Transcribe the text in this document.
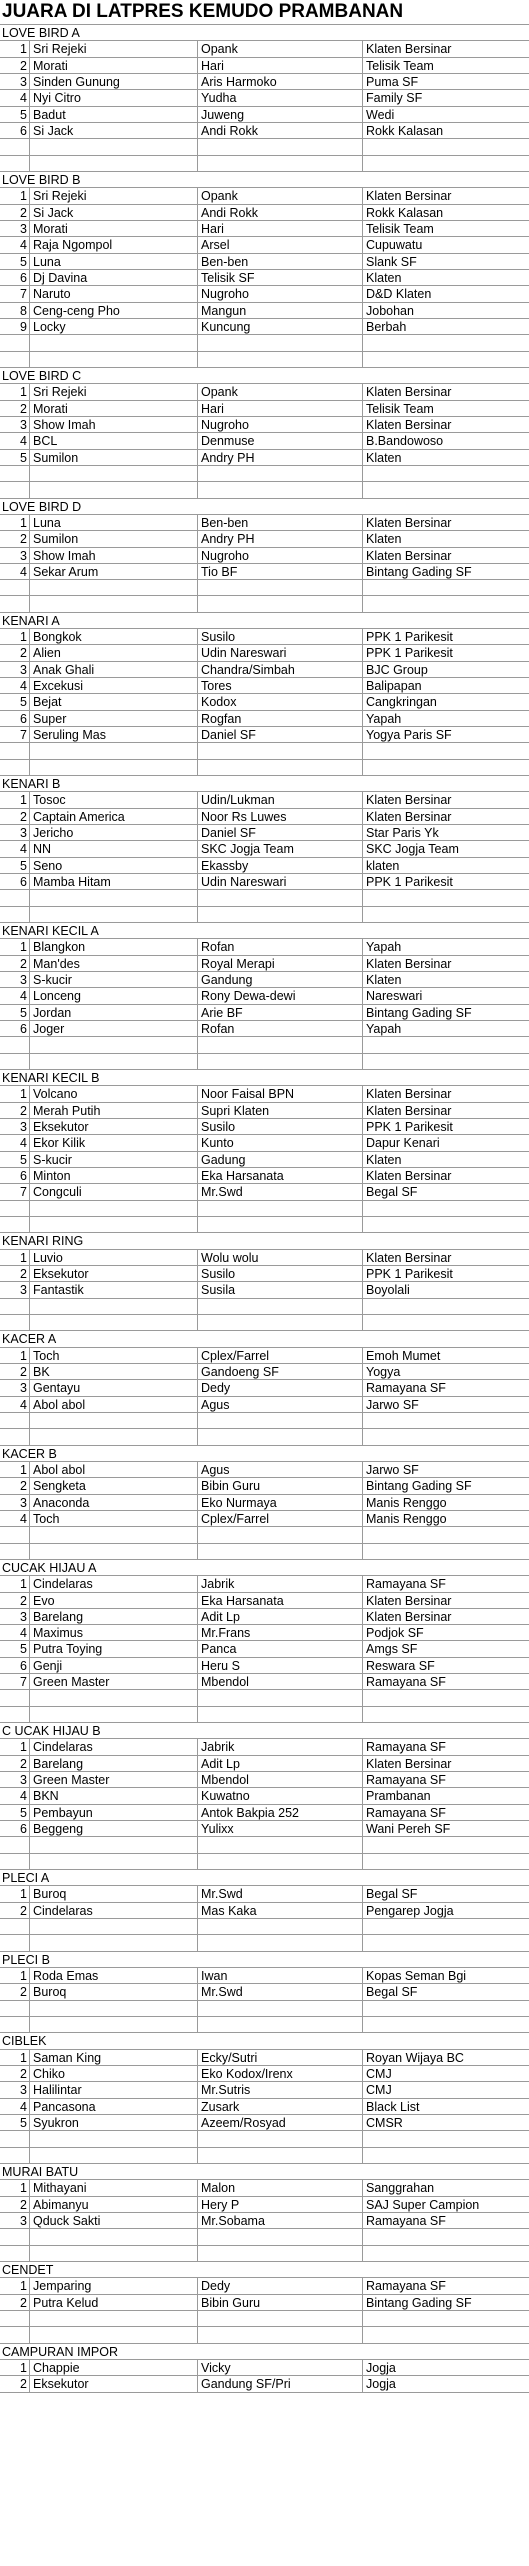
JUARA DI LATPRES KEMUDO PRAMBANAN
LOVE BIRD A
1 Sri Rejeki	Opank	Klaten Bersinar
2 Morati	Hari	Telisik Team
3 Sinden Gunung	Aris Harmoko	Puma SF
4 Nyi Citro	Yudha	Family SF
5 Badut	Juweng	Wedi
6 Si Jack	Andi Rokk	Rokk Kalasan
LOVE BIRD B
1 Sri Rejeki	Opank	Klaten Bersinar
2 Si Jack	Andi Rokk	Rokk Kalasan
3 Morati	Hari	Telisik Team
4 Raja Ngompol	Arsel	Cupuwatu
5 Luna	Ben-ben	Slank SF
6 Dj Davina	Telisik SF	Klaten
7 Naruto	Nugroho	D&D Klaten
8 Ceng-ceng Pho	Mangun	Jobohan
9 Locky	Kuncung	Berbah
LOVE BIRD C
1 Sri Rejeki	Opank	Klaten Bersinar
2 Morati	Hari	Telisik Team
3 Show Imah	Nugroho	Klaten Bersinar
4 BCL	Denmuse	B.Bandowoso
5 Sumilon	Andry PH	Klaten
LOVE BIRD D
1 Luna	Ben-ben	Klaten Bersinar
2 Sumilon	Andry PH	Klaten
3 Show Imah	Nugroho	Klaten Bersinar
4 Sekar Arum	Tio BF	Bintang Gading SF
KENARI A
1 Bongkok	Susilo	PPK 1 Parikesit
2 Alien	Udin Nareswari	PPK 1 Parikesit
3 Anak Ghali	Chandra/Simbah	BJC Group
4 Excekusi	Tores	Balipapan
5 Bejat	Kodox	Cangkringan
6 Super	Rogfan	Yapah
7 Seruling Mas	Daniel SF	Yogya Paris SF
KENARI B
1 Tosoc	Udin/Lukman	Klaten Bersinar
2 Captain America	Noor Rs Luwes	Klaten Bersinar
3 Jericho	Daniel SF	Star Paris Yk
4 NN	SKC Jogja Team	SKC Jogja Team
5 Seno	Ekassby	klaten
6 Mamba Hitam	Udin Nareswari	PPK 1 Parikesit
KENARI KECIL A
1 Blangkon	Rofan	Yapah
2 Man'des	Royal Merapi	Klaten Bersinar
3 S-kucir	Gandung	Klaten
4 Lonceng	Rony Dewa-dewi	Nareswari
5 Jordan	Arie BF	Bintang Gading SF
6 Joger	Rofan	Yapah
KENARI KECIL B
1 Volcano	Noor Faisal BPN	Klaten Bersinar
2 Merah Putih	Supri Klaten	Klaten Bersinar
3 Eksekutor	Susilo	PPK 1 Parikesit
4 Ekor Kilik	Kunto	Dapur Kenari
5 S-kucir	Gadung	Klaten
6 Minton	Eka Harsanata	Klaten Bersinar
7 Congculi	Mr.Swd	Begal SF
KENARI RING
1 Luvio	Wolu wolu	Klaten Bersinar
2 Eksekutor	Susilo	PPK 1 Parikesit
3 Fantastik	Susila	Boyolali
KACER A
1 Toch	Cplex/Farrel	Emoh Mumet
2 BK	Gandoeng SF	Yogya
3 Gentayu	Dedy	Ramayana SF
4 Abol abol	Agus	Jarwo SF
KACER B
1 Abol abol	Agus	Jarwo SF
2 Sengketa	Bibin Guru	Bintang Gading SF
3 Anaconda	Eko Nurmaya	Manis Renggo
4 Toch	Cplex/Farrel	Manis Renggo
CUCAK HIJAU A
1 Cindelaras	Jabrik	Ramayana SF
2 Evo	Eka Harsanata	Klaten Bersinar
3 Barelang	Adit Lp	Klaten Bersinar
4 Maximus	Mr.Frans	Podjok SF
5 Putra Toying	Panca	Amgs SF
6 Genji	Heru S	Reswara SF
7 Green Master	Mbendol	Ramayana SF
C UCAK HIJAU B
1 Cindelaras	Jabrik	Ramayana SF
2 Barelang	Adit Lp	Klaten Bersinar
3 Green Master	Mbendol	Ramayana SF
4 BKN	Kuwatno	Prambanan
5 Pembayun	Antok Bakpia 252	Ramayana SF
6 Beggeng	Yulixx	Wani Pereh SF
PLECI A
1 Buroq	Mr.Swd	Begal SF
2 Cindelaras	Mas Kaka	Pengarep Jogja
PLECI B
1 Roda Emas	Iwan	Kopas Seman Bgi
2 Buroq	Mr.Swd	Begal SF
CIBLEK
1 Saman King	Ecky/Sutri	Royan Wijaya BC
2 Chiko	Eko Kodox/Irenx	CMJ
3 Halilintar	Mr.Sutris	CMJ
4 Pancasona	Zusark	Black List
5 Syukron	Azeem/Rosyad	CMSR
MURAI BATU
1 Mithayani	Malon	Sanggrahan
2 Abimanyu	Hery P	SAJ Super Campion
3 Qduck Sakti	Mr.Sobama	Ramayana SF
CENDET
1 Jemparing	Dedy	Ramayana SF
2 Putra Kelud	Bibin Guru	Bintang Gading SF
CAMPURAN IMPOR
1 Chappie	Vicky	Jogja
2 Eksekutor	Gandung SF/Pri	Jogja
